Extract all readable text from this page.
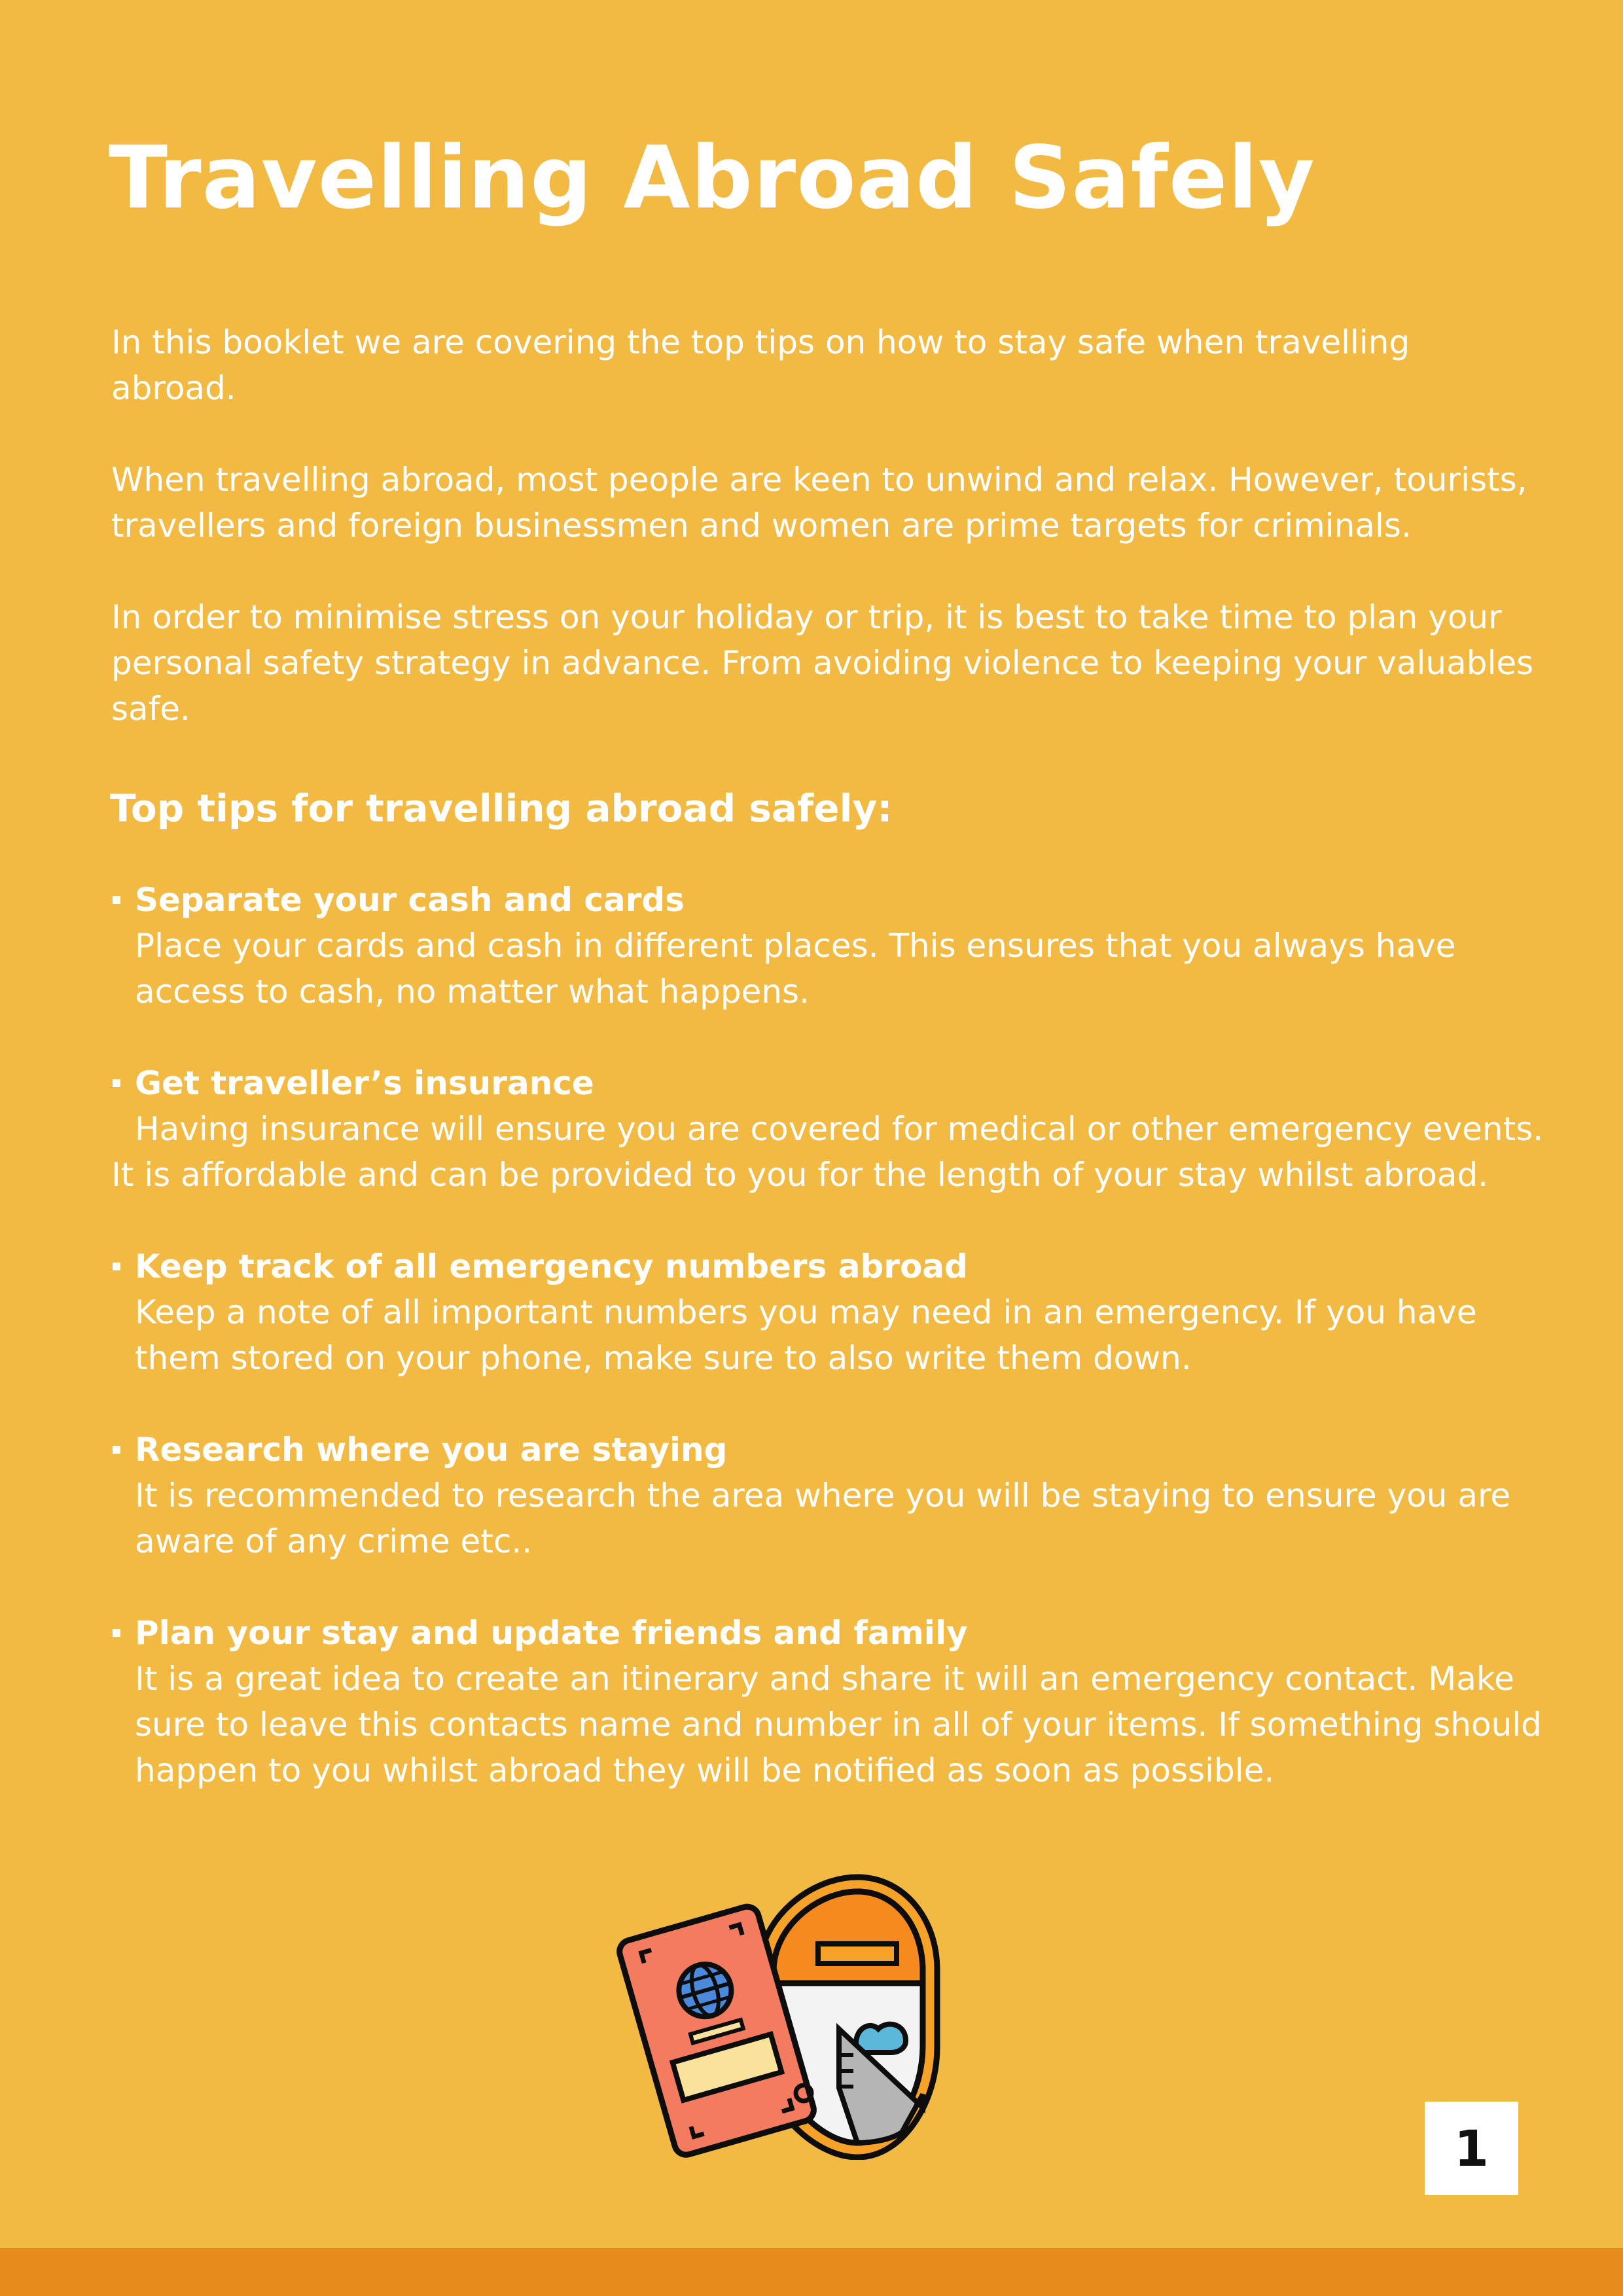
Travelling Abroad Safely

In this booklet we are covering the top tips on how to stay safe when travelling abroad.

When travelling abroad, most people are keen to unwind and relax. However, tourists, travellers and foreign businessmen and women are prime targets for criminals.

In order to minimise stress on your holiday or trip, it is best to take time to plan your personal safety strategy in advance. From avoiding violence to keeping your valuables safe.

Top tips for travelling abroad safely:
Separate your cash and cards
Place your cards and cash in different places. This ensures that you always have access to cash, no matter what happens.
Get traveller’s insurance
Having insurance will ensure you are covered for medical or other emergency events.      It is affordable and can be provided to you for the length of your stay whilst abroad.
Keep track of all emergency numbers abroad
Keep a note of all important numbers you may need in an emergency. If you have them stored on your phone, make sure to also write them down.
Research where you are staying
It is recommended to research the area where you will be staying to ensure you are aware of any crime etc..
Plan your stay and update friends and family
It is a great idea to create an itinerary and share it will an emergency contact. Make sure to leave this contacts name and number in all of your items. If something should happen to you whilst abroad they will be notified as soon as possible.
1
